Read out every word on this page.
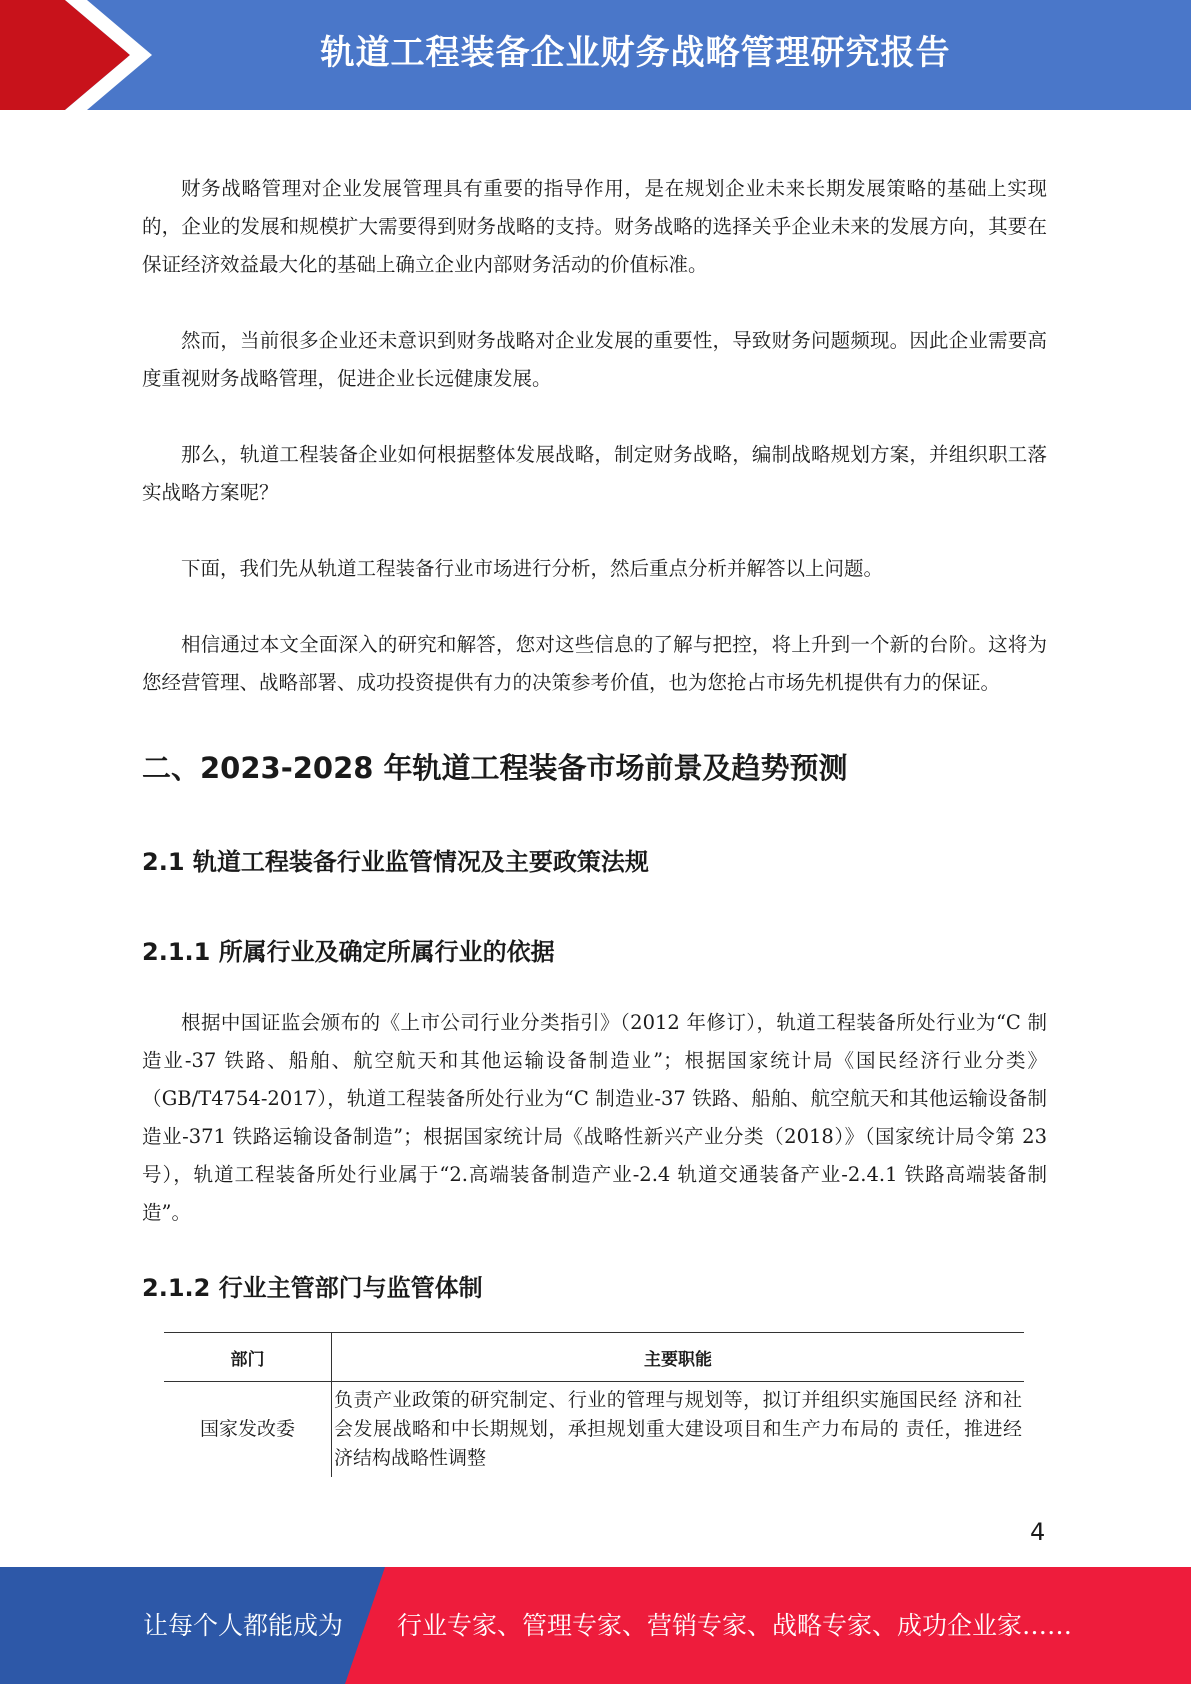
轨道工程装备企业财务战略管理研究报告

财务战略管理对企业发展管理具有重要的指导作用，是在规划企业未来长期发展策略的基础上实现的，企业的发展和规模扩大需要得到财务战略的支持。财务战略的选择关乎企业未来的发展方向，其要在保证经济效益最大化的基础上确立企业内部财务活动的价值标准。

然而，当前很多企业还未意识到财务战略对企业发展的重要性，导致财务问题频现。因此企业需要高度重视财务战略管理，促进企业长远健康发展。

那么，轨道工程装备企业如何根据整体发展战略，制定财务战略，编制战略规划方案，并组织职工落实战略方案呢？

下面，我们先从轨道工程装备行业市场进行分析，然后重点分析并解答以上问题。

相信通过本文全面深入的研究和解答，您对这些信息的了解与把控，将上升到一个新的台阶。这将为您经营管理、战略部署、成功投资提供有力的决策参考价值，也为您抢占市场先机提供有力的保证。

二、2023-2028 年轨道工程装备市场前景及趋势预测
2.1 轨道工程装备行业监管情况及主要政策法规
2.1.1 所属行业及确定所属行业的依据

根据中国证监会颁布的《上市公司行业分类指引》（2012 年修订），轨道工程装备所处行业为“C 制造业-37 铁路、船舶、航空航天和其他运输设备制造业”；根据国家统计局《国民经济行业分类》（GB/T4754-2017），轨道工程装备所处行业为“C 制造业-37 铁路、船舶、航空航天和其他运输设备制造业-371 铁路运输设备制造”；根据国家统计局《战略性新兴产业分类（2018）》（国家统计局令第 23 号），轨道工程装备所处行业属于“2.高端装备制造产业-2.4 轨道交通装备产业-2.4.1 铁路高端装备制造”。

2.1.2 行业主管部门与监管体制
部门	主要职能
国家发改委	负责产业政策的研究制定、行业的管理与规划等，拟订并组织实施国民经 济和社会发展战略和中长期规划，承担规划重大建设项目和生产力布局的 责任，推进经济结构战略性调整
4
让每个人都能成为 行业专家、管理专家、营销专家、战略专家、成功企业家……
